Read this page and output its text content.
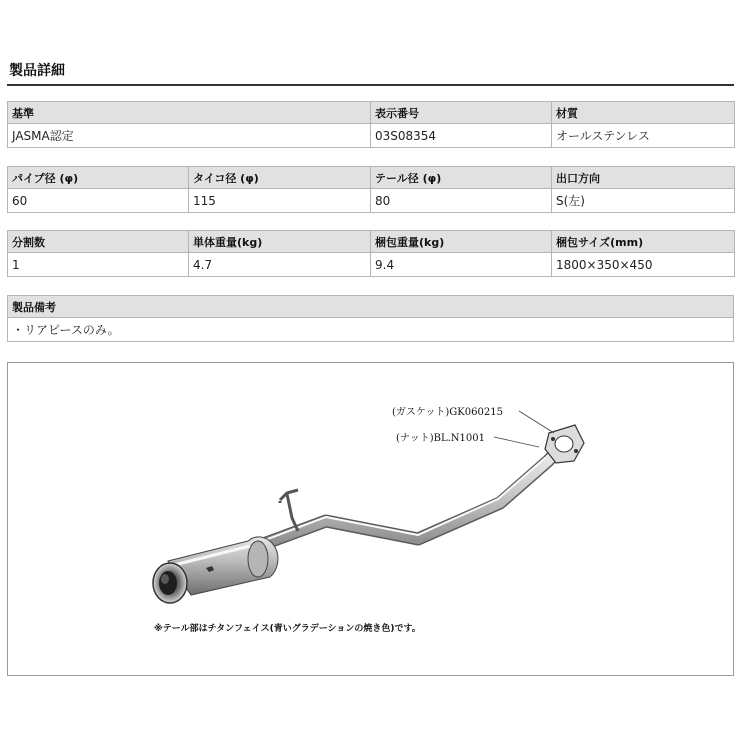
製品詳細
基準	表示番号	材質
JASMA認定	03S08354	オールステンレス
パイプ径 (φ)	タイコ径 (φ)	テール径 (φ)	出口方向
60	115	80	S(左)
分割数	単体重量(kg)	梱包重量(kg)	梱包サイズ(mm)
1	4.7	9.4	1800×350×450
製品備考
・リアピースのみ。
(ガスケット)GK060215
(ナット)BL.N1001
※テール部はチタンフェイス(青いグラデーションの焼き色)です。
